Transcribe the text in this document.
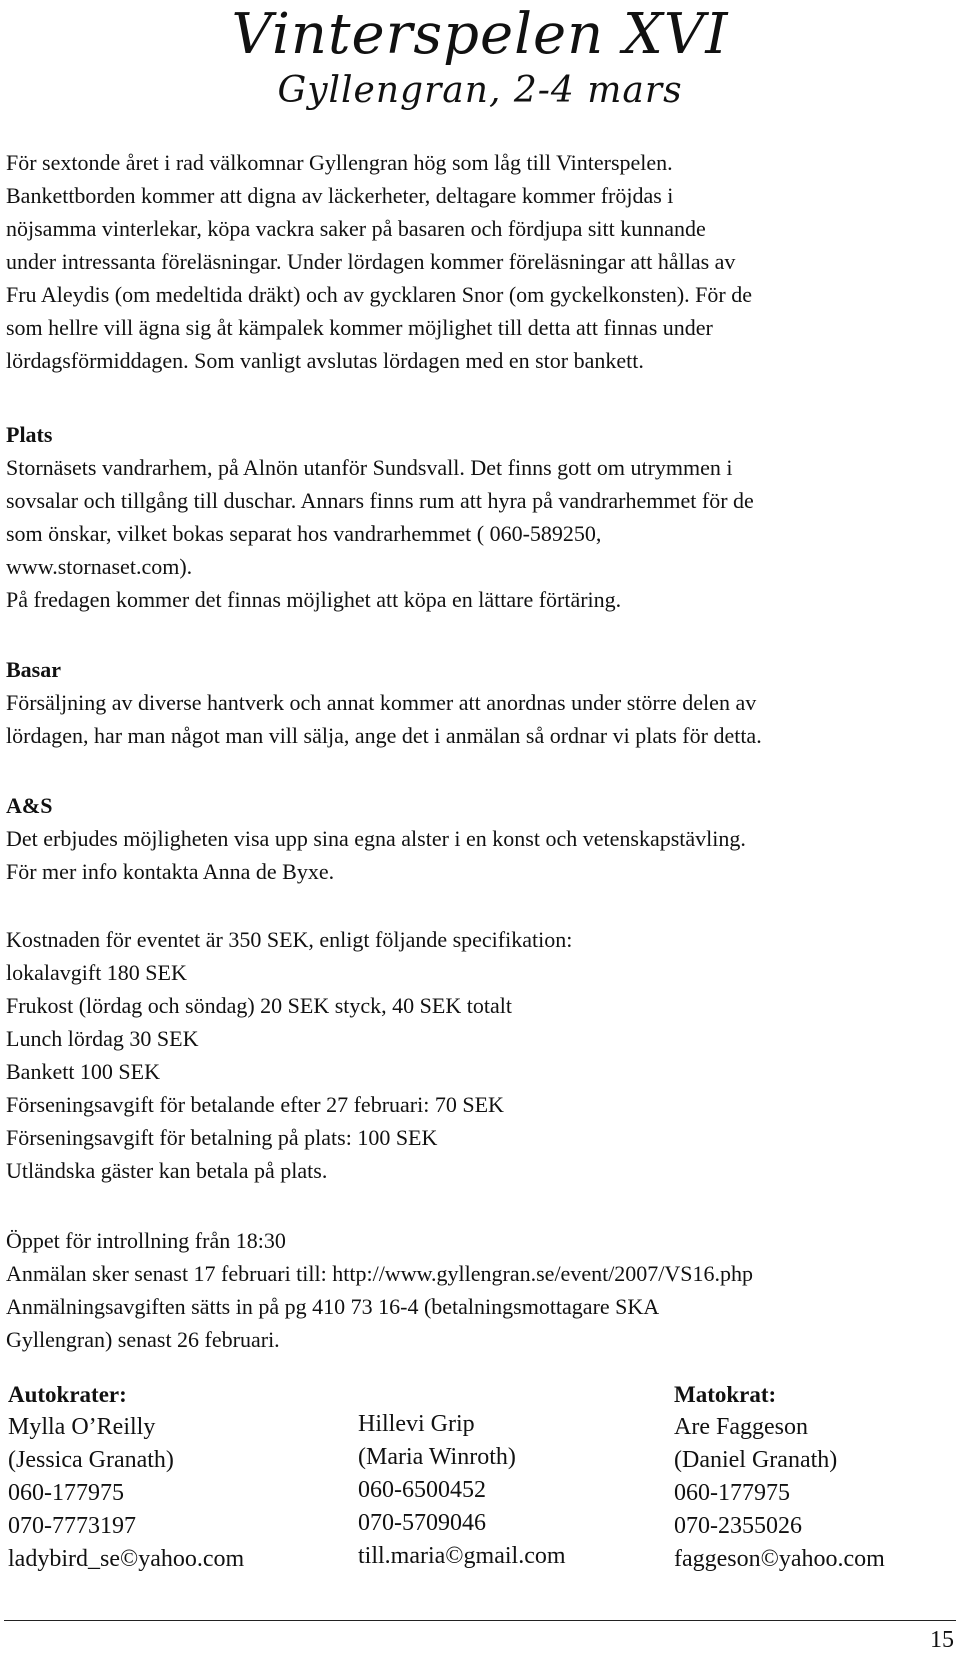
Vinterspelen XVI
Gyllengran, 2-4 mars

För sextonde året i rad välkomnar Gyllengran hög som låg till Vinterspelen.

Bankettborden kommer att digna av läckerheter, deltagare kommer fröjdas i

nöjsamma vinterlekar, köpa vackra saker på basaren och fördjupa sitt kunnande

under intressanta föreläsningar. Under lördagen kommer föreläsningar att hållas av

Fru Aleydis (om medeltida dräkt) och av gycklaren Snor (om gyckelkonsten). För de

som hellre vill ägna sig åt kämpalek kommer möjlighet till detta att finnas under

lördagsförmiddagen. Som vanligt avslutas lördagen med en stor bankett.

Plats

Stornäsets vandrarhem, på Alnön utanför Sundsvall. Det finns gott om utrymmen i

sovsalar och tillgång till duschar. Annars finns rum att hyra på vandrarhemmet för de

som önskar, vilket bokas separat hos vandrarhemmet ( 060-589250,

www.stornaset.com).

På fredagen kommer det finnas möjlighet att köpa en lättare förtäring.

Basar

Försäljning av diverse hantverk och annat kommer att anordnas under större delen av

lördagen, har man något man vill sälja, ange det i anmälan så ordnar vi plats för detta.

A&S

Det erbjudes möjligheten visa upp sina egna alster i en konst och vetenskapstävling.

För mer info kontakta Anna de Byxe.

Kostnaden för eventet är 350 SEK, enligt följande specifikation:

lokalavgift 180 SEK

Frukost (lördag och söndag) 20 SEK styck, 40 SEK totalt

Lunch lördag 30 SEK

Bankett 100 SEK

Förseningsavgift för betalande efter 27 februari: 70 SEK

Förseningsavgift för betalning på plats: 100 SEK

Utländska gäster kan betala på plats.

Öppet för introllning från 18:30

Anmälan sker senast 17 februari till: http://www.gyllengran.se/event/2007/VS16.php

Anmälningsavgiften sätts in på pg 410 73 16-4 (betalningsmottagare SKA

Gyllengran) senast 26 februari.

Autokrater:
Mylla O’Reilly
(Jessica Granath)
060-177975
070-7773197
ladybird_se©yahoo.com
Hillevi Grip
(Maria Winroth)
060-6500452
070-5709046
till.maria©gmail.com
Matokrat:
Are Faggeson
(Daniel Granath)
060-177975
070-2355026
faggeson©yahoo.com
15
